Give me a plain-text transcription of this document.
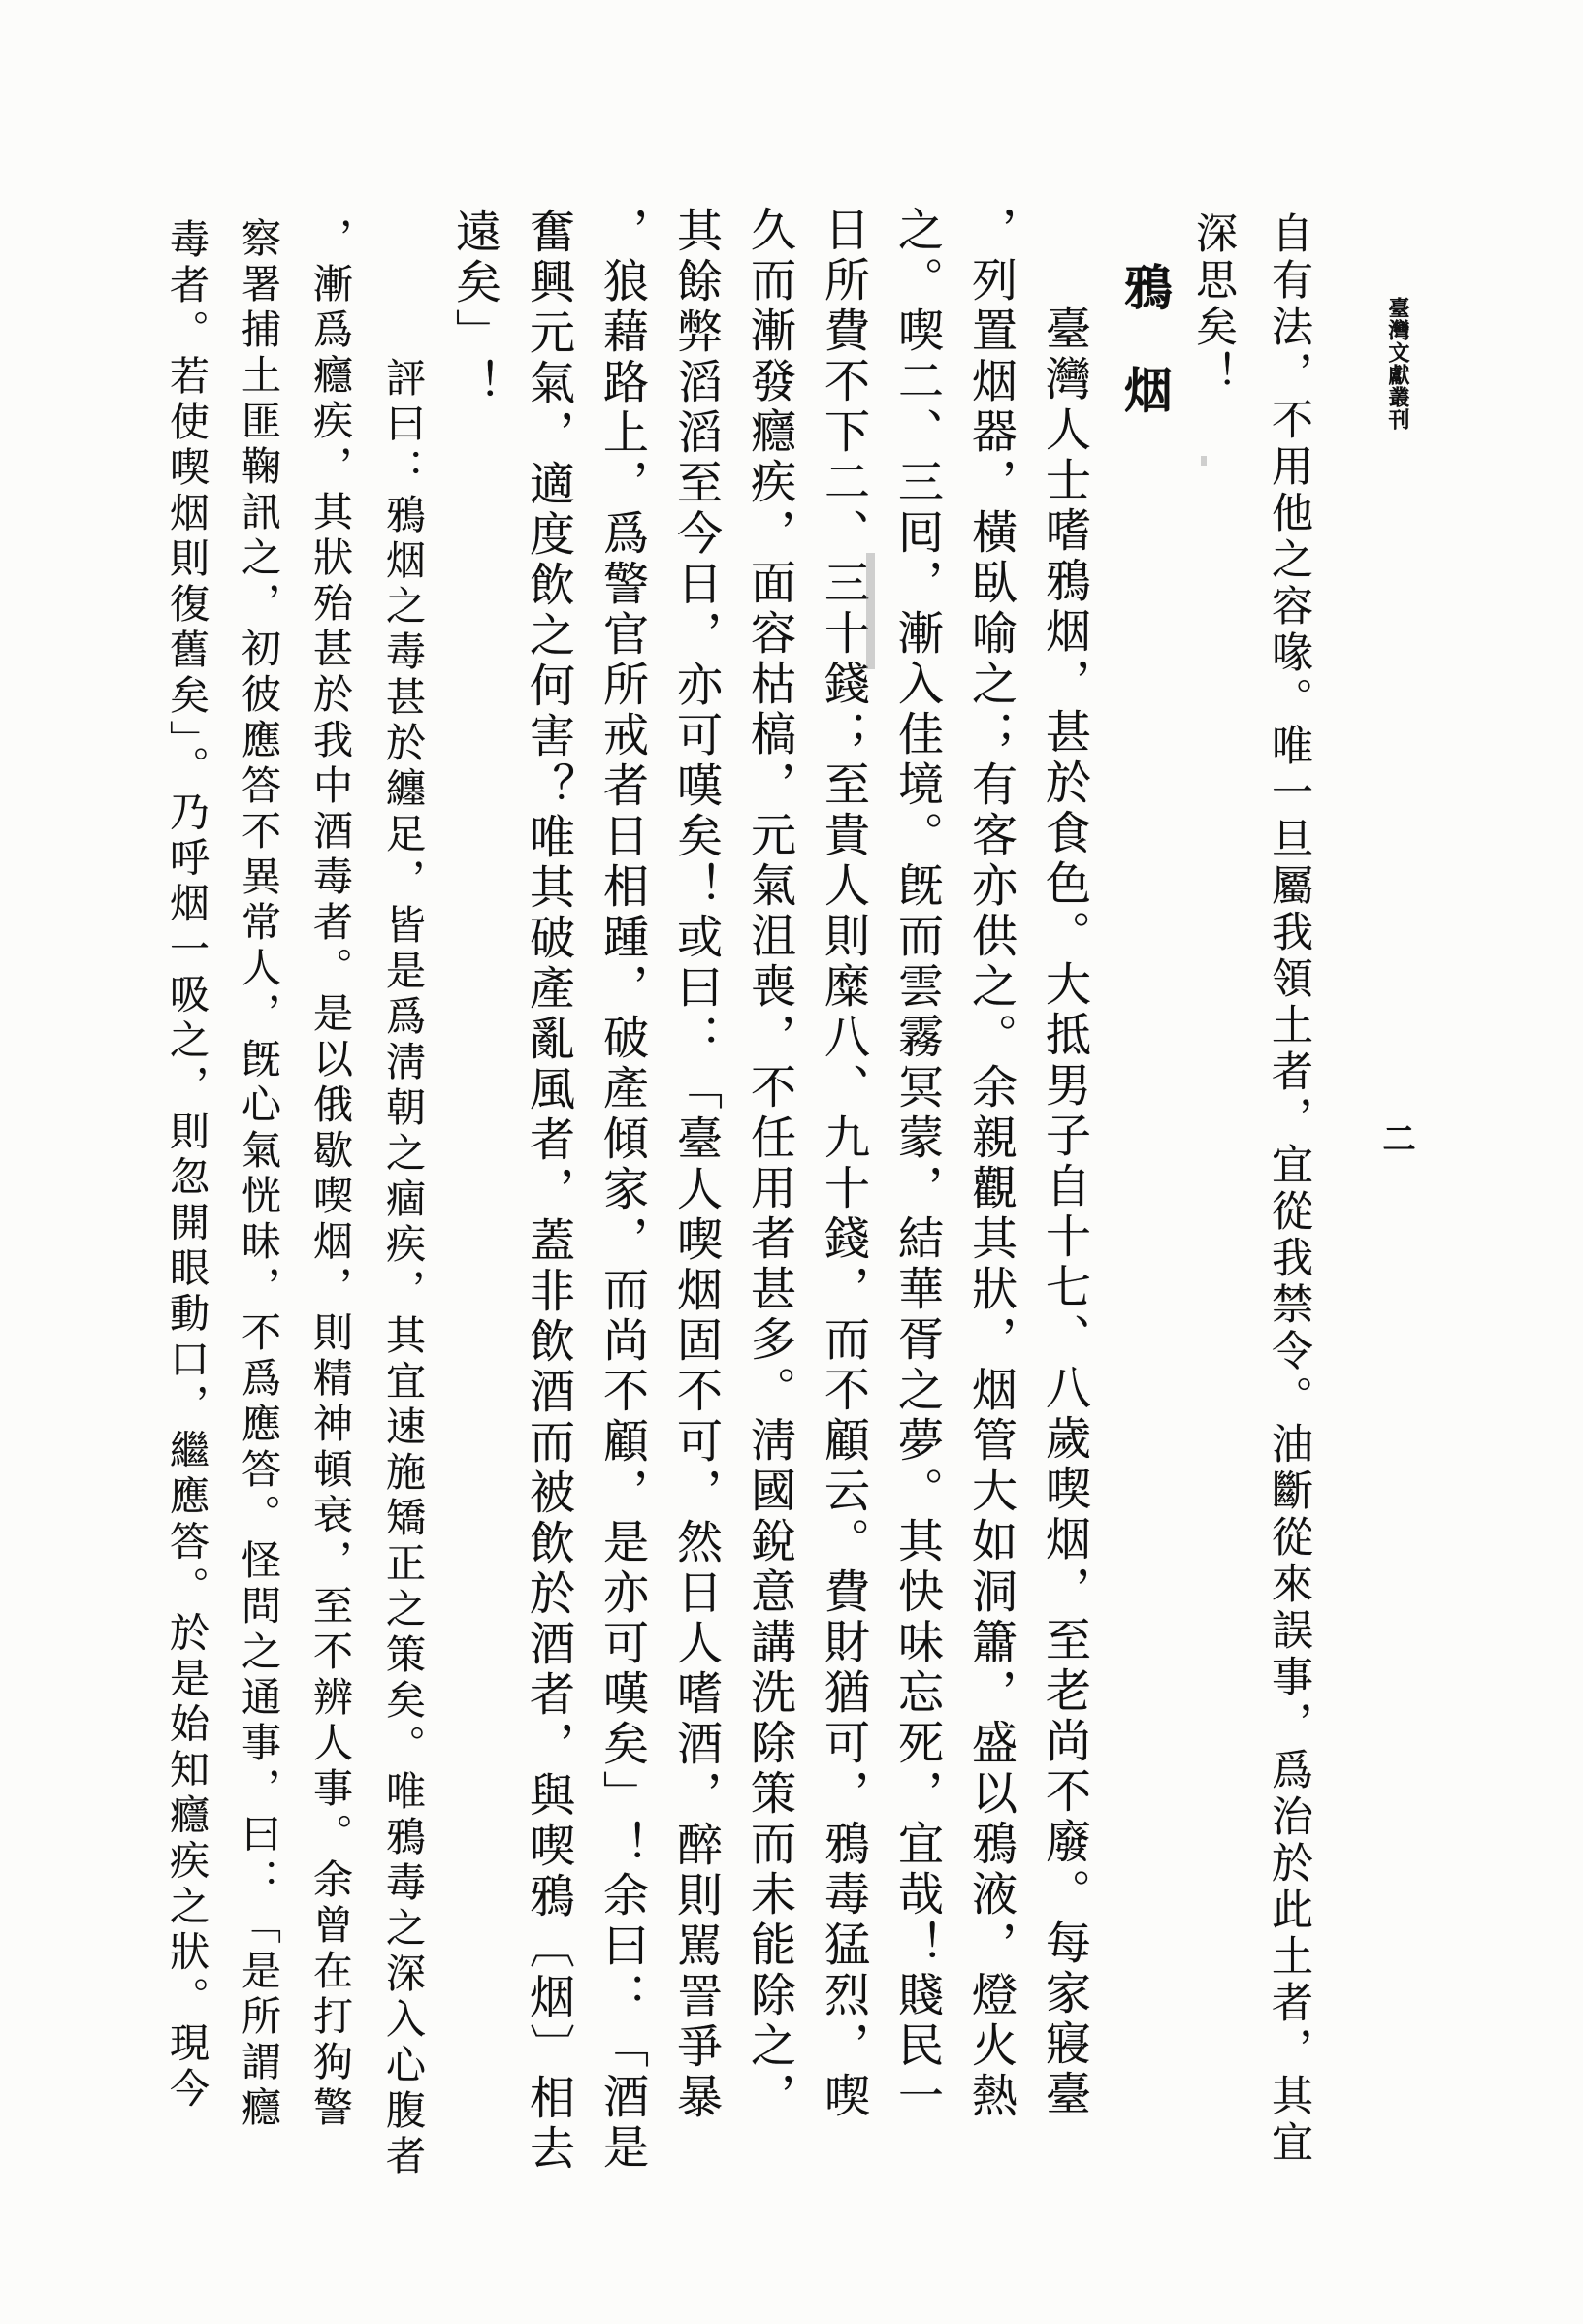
臺灣文獻叢刊
二
自有法，不用他之容喙。唯一旦屬我領土者，宜從我禁令。油斷從來誤事，爲治於此土者，其宜
深思矣！
鴉　烟
臺灣人士嗜鴉烟，甚於食色。大抵男子自十七、八歲喫烟，至老尚不廢。每家寢臺
，列置烟器，橫臥喻之；有客亦供之。余親觀其狀，烟管大如洞簫，盛以鴉液，燈火熱
之。喫二、三囘，漸入佳境。旣而雲霧冥蒙，結華胥之夢。其快味忘死，宜哉！賤民一
日所費不下二、三十錢；至貴人則糜八、九十錢，而不顧云。費財猶可，鴉毒猛烈，喫
久而漸發癮疾，面容枯槁，元氣沮喪，不任用者甚多。淸國銳意講洗除策而未能除之，
其餘弊滔滔至今日，亦可嘆矣！或曰：「臺人喫烟固不可，然日人嗜酒，醉則駡詈爭暴
，狼藉路上，爲警官所戒者日相踵，破產傾家，而尚不顧，是亦可嘆矣」！余曰：「酒是
奮興元氣，適度飲之何害？唯其破產亂風者，蓋非飲酒而被飲於酒者，與喫鴉〔烟〕相去
遠矣」！
評曰：鴉烟之毒甚於纏足，皆是爲淸朝之痼疾，其宜速施矯正之策矣。唯鴉毒之深入心腹者
，漸爲癮疾，其狀殆甚於我中酒毒者。是以俄歇喫烟，則精神頓衰，至不辨人事。余曾在打狗警
察署捕土匪鞠訊之，初彼應答不異常人，旣心氣恍昧，不爲應答。怪問之通事，曰：「是所謂癮
毒者。若使喫烟則復舊矣」。乃呼烟一吸之，則忽開眼動口，繼應答。於是始知癮疾之狀。現今
